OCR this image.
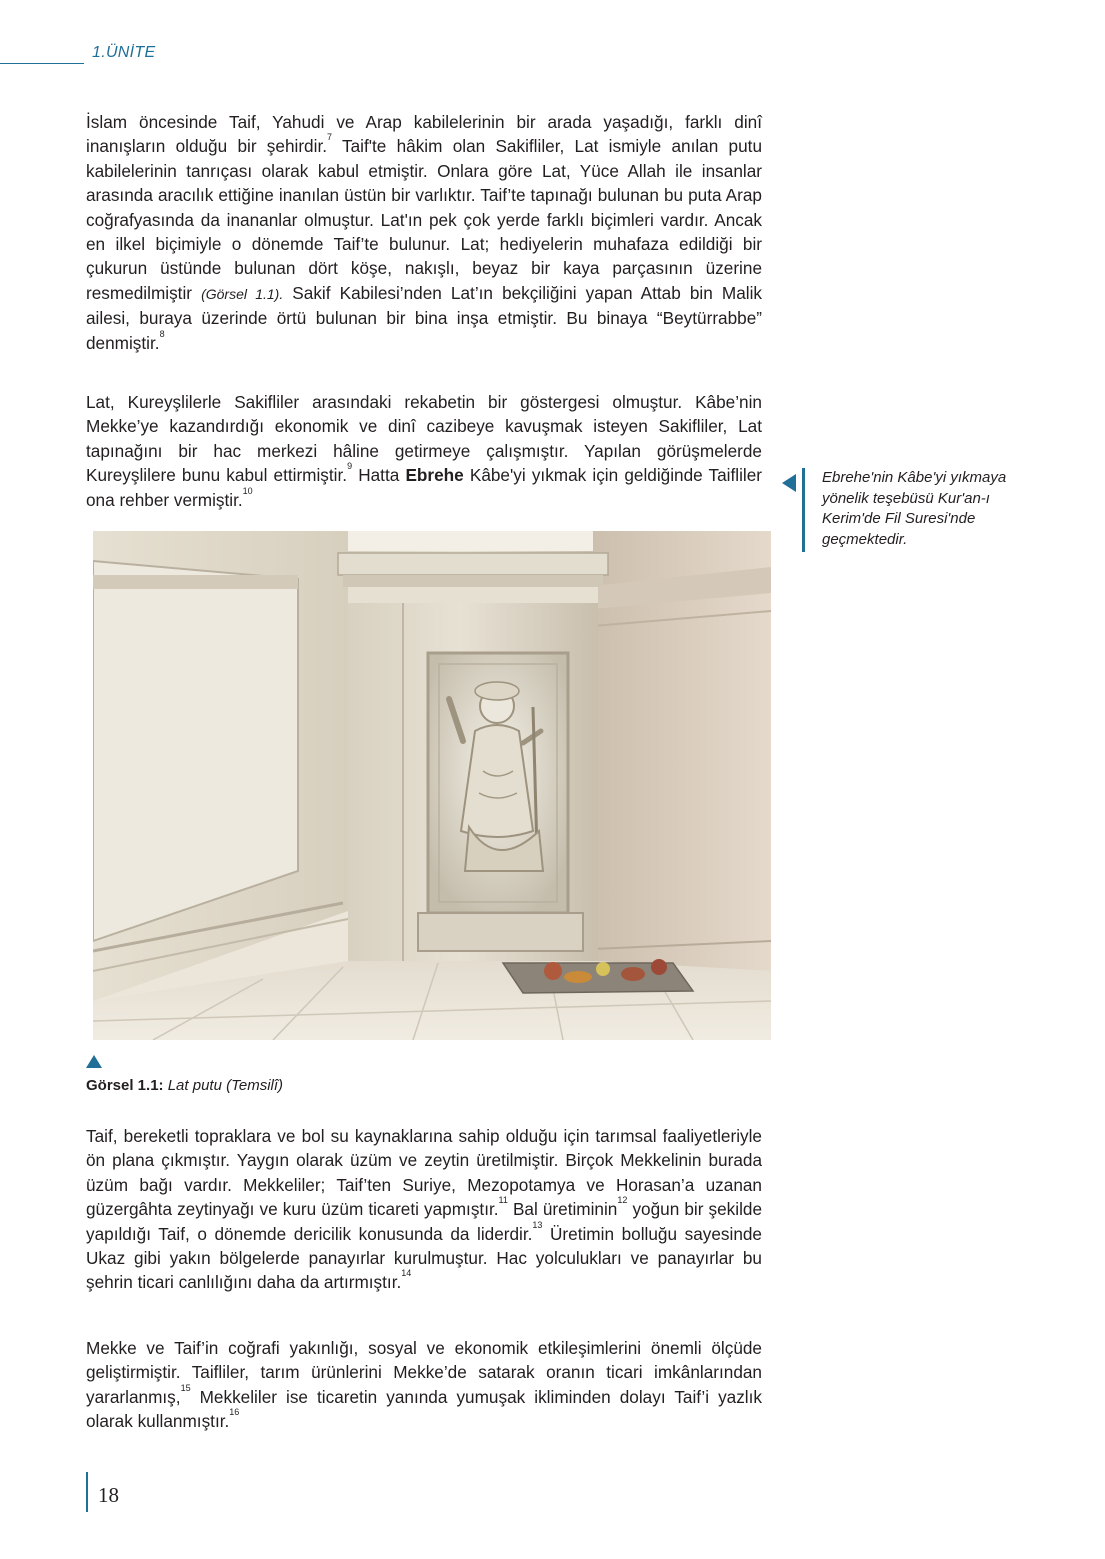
1.ÜNİTE

İslam öncesinde Taif, Yahudi ve Arap kabilelerinin bir arada yaşadığı, farklı dinî inanışların olduğu bir şehirdir.$^7$ Taif'te hâkim olan Sakifliler, Lat ismiyle anılan putu kabilelerinin tanrıçası olarak kabul etmiştir. Onlara göre Lat, Yüce Allah ile insanlar arasında aracılık ettiğine inanılan üstün bir varlıktır. Taif’te tapınağı bulunan bu puta Arap coğrafyasında da inananlar olmuştur. Lat'ın pek çok yerde farklı biçimleri vardır. Ancak en ilkel biçimiyle o dönemde Taif’te bulunur. Lat; hediyelerin muhafaza edildiği bir çukurun üstünde bulunan dört köşe, nakışlı, beyaz bir kaya parçasının üzerine resmedilmiştir (Görsel 1.1). Sakif Kabilesi’nden Lat’ın bekçiliğini yapan Attab bin Malik ailesi, buraya üzerinde örtü bulunan bir bina inşa etmiştir. Bu binaya “Beytürrabbe” denmiştir.$^8$

Lat, Kureyşlilerle Sakifliler arasındaki rekabetin bir göstergesi olmuştur. Kâbe’nin Mekke’ye kazandırdığı ekonomik ve dinî cazibeye kavuşmak isteyen Sakifliler, Lat tapınağını bir hac merkezi hâline getirmeye çalışmıştır. Yapılan görüşmelerde Kureyşlilere bunu kabul ettirmiştir.$^9$ Hatta Ebrehe Kâbe'yi yıkmak için geldiğinde Taifliler ona rehber vermiştir.$^{10}$

Ebrehe'nin Kâbe'yi yıkmaya yönelik teşebüsü Kur'an-ı Kerim'de Fil Suresi'nde geçmektedir.

Görsel 1.1: Lat putu (Temsilî)

Taif, bereketli topraklara ve bol su kaynaklarına sahip olduğu için tarımsal faaliyetleriyle ön plana çıkmıştır. Yaygın olarak üzüm ve zeytin üretilmiştir. Birçok Mekkelinin burada üzüm bağı vardır. Mekkeliler; Taif’ten Suriye, Mezopotamya ve Horasan’a uzanan güzergâhta zeytinyağı ve kuru üzüm ticareti yapmıştır.$^{11}$ Bal üretiminin$^{12}$ yoğun bir şekilde yapıldığı Taif, o dönemde dericilik konusunda da liderdir.$^{13}$ Üretimin bolluğu sayesinde Ukaz gibi yakın bölgelerde panayırlar kurulmuştur. Hac yolculukları ve panayırlar bu şehrin ticari canlılığını daha da artırmıştır.$^{14}$

Mekke ve Taif’in coğrafi yakınlığı, sosyal ve ekonomik etkileşimlerini önemli ölçüde geliştirmiştir. Taifliler, tarım ürünlerini Mekke’de satarak oranın ticari imkânlarından yararlanmış,$^{15}$ Mekkeliler ise ticaretin yanında yumuşak ikliminden dolayı Taif’i yazlık olarak kullanmıştır.$^{16}$

18
